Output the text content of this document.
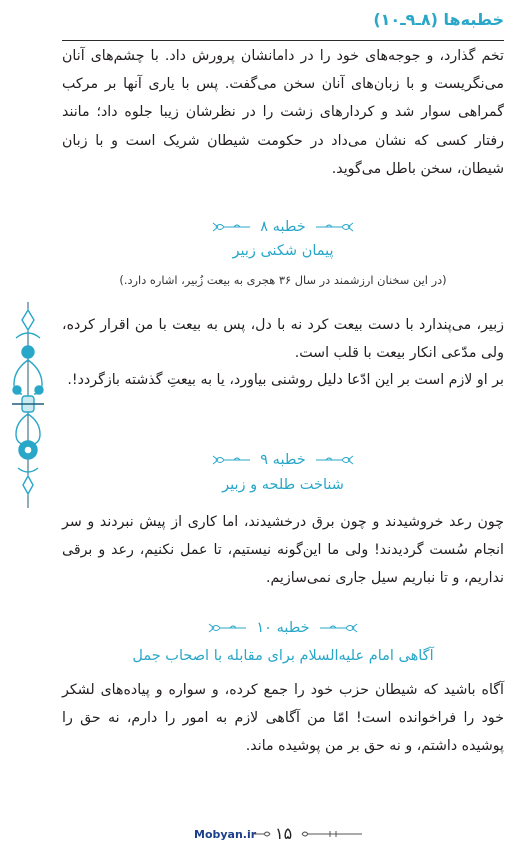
خطبه‌ها (۸ـ۹ـ۱۰)

تخم گذارد، و جوجه‌های خود را در دامانشان پرورش داد. با چشم‌های آنان می‌نگریست و با زبان‌های آنان سخن می‌گفت. پس با یاری آنها بر مرکب گمراهی سوار شد و کردارهای زشت را در نظرشان زیبا جلوه داد؛ مانند رفتار کسی که نشان می‌داد در حکومت شیطان شریک است و با زبان شیطان، سخن باطل می‌گوید.

خطبه ۸
پیمان شکنی زبیر
(در این سخنان ارزشمند در سال ۳۶ هجری به بیعت زُبیر، اشاره دارد.)

زبیر، می‌پندارد با دست بیعت کرد نه با دل، پس به بیعت با من اقرار کرده، ولی مدّعی انکار بیعت با قلب است.

بر او لازم است بر این ادّعا دلیل روشنی بیاورد، یا به بیعتِ گذشته بازگردد!.

خطبه ۹
شناخت طلحه و زبیر

چون رعد خروشیدند و چون برق درخشیدند، اما کاری از پیش نبردند و سر انجام سُست گردیدند! ولی ما این‌گونه نیستیم، تا عمل نکنیم، رعد و برقی نداریم، و تا نباریم سیل جاری نمی‌سازیم.

خطبه ۱۰
آگاهی امام علیه‌السلام برای مقابله با اصحاب جمل

آگاه باشید که شیطان حزب خود را جمع کرده، و سواره و پیاده‌های لشکر خود را فراخوانده است! امّا من آگاهی لازم به امور را دارم، نه حق را پوشیده داشتم، و نه حق بر من پوشیده ماند.

Mobyan.ir ۱۵
